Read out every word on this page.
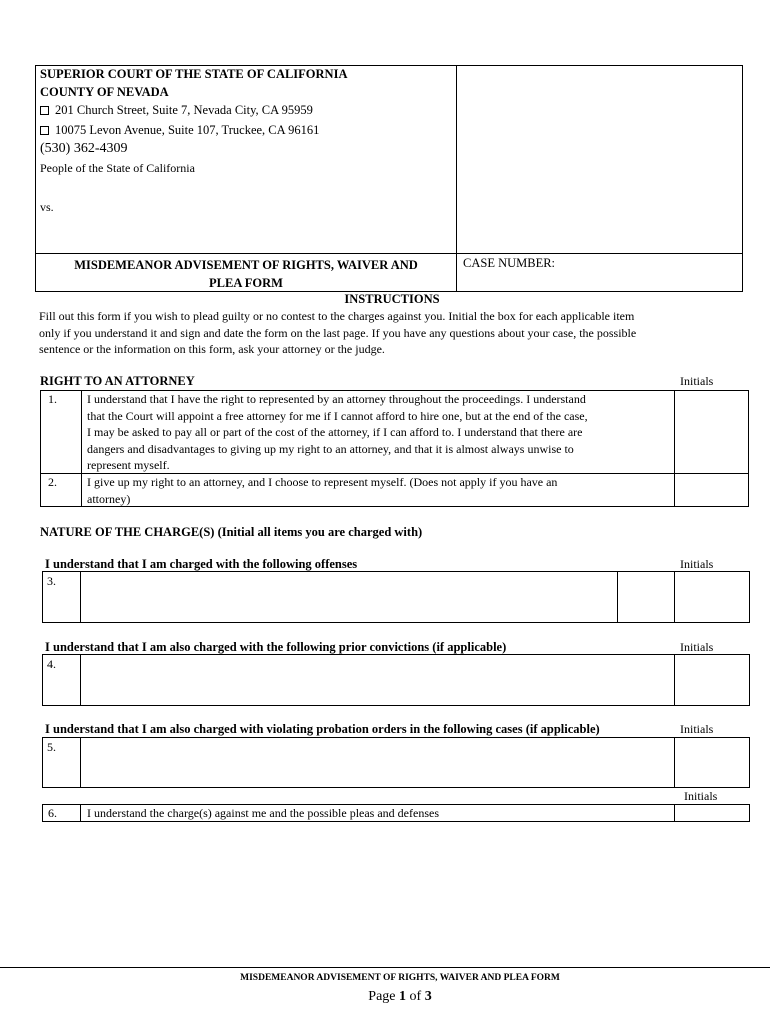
SUPERIOR COURT OF THE STATE OF CALIFORNIA
COUNTY OF NEVADA
201 Church Street, Suite 7, Nevada City, CA 95959
10075 Levon Avenue, Suite 107, Truckee, CA 96161
(530) 362-4309
People of the State of California
vs.
MISDEMEANOR ADVISEMENT OF RIGHTS, WAIVER AND
PLEA FORM
CASE NUMBER:
INSTRUCTIONS
Fill out this form if you wish to plead guilty or no contest to the charges against you. Initial the box for each applicable item
only if you understand it and sign and date the form on the last page. If you have any questions about your case, the possible
sentence or the information on this form, ask your attorney or the judge.
RIGHT TO AN ATTORNEY	Initials
1.	I understand that I have the right to represented by an attorney throughout the proceedings. I understand
that the Court will appoint a free attorney for me if I cannot afford to hire one, but at the end of the case,
I may be asked to pay all or part of the cost of the attorney, if I can afford to. I understand that there are
dangers and disadvantages to giving up my right to an attorney, and that it is almost always unwise to
represent myself.
2.	I give up my right to an attorney, and I choose to represent myself. (Does not apply if you have an
attorney)
NATURE OF THE CHARGE(S) (Initial all items you are charged with)
I understand that I am charged with the following offenses	Initials
3.
I understand that I am also charged with the following prior convictions (if applicable)	Initials
4.
I understand that I am also charged with violating probation orders in the following cases (if applicable)	Initials
5.
Initials
6.	I understand the charge(s) against me and the possible pleas and defenses
MISDEMEANOR ADVISEMENT OF RIGHTS, WAIVER AND PLEA FORM
Page 1 of 3
